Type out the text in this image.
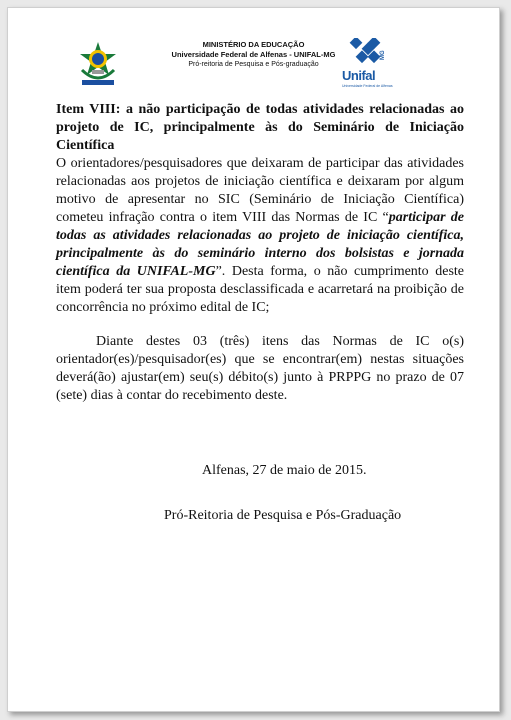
MINISTÉRIO DA EDUCAÇÃO
Universidade Federal de Alfenas - UNIFAL-MG
Pró-reitoria de Pesquisa e Pós-graduação
Unifal
MG
Universidade Federal de Alfenas

Item VIII: a não participação de todas atividades relacionadas ao projeto de IC, principalmente às do Seminário de Iniciação Científica

O orientadores/pesquisadores que deixaram de participar das atividades relacionadas aos projetos de iniciação científica e deixaram por algum motivo de apresentar no SIC (Seminário de Iniciação Científica) cometeu infração contra o item VIII das Normas de IC “participar de todas as atividades relacionadas ao projeto de iniciação científica, principalmente às do seminário interno dos bolsistas e jornada científica da UNIFAL-MG”. Desta forma, o não cumprimento deste item poderá ter sua proposta desclassificada e acarretará na proibição de concorrência no próximo edital de IC;

Diante destes 03 (três) itens das Normas de IC o(s) orientador(es)/pesquisador(es) que se encontrar(em) nestas situações deverá(ão) ajustar(em) seu(s) débito(s) junto à PRPPG no prazo de 07 (sete) dias à contar do recebimento deste.

Alfenas, 27 de maio de 2015.
Pró-Reitoria de Pesquisa e Pós-Graduação
